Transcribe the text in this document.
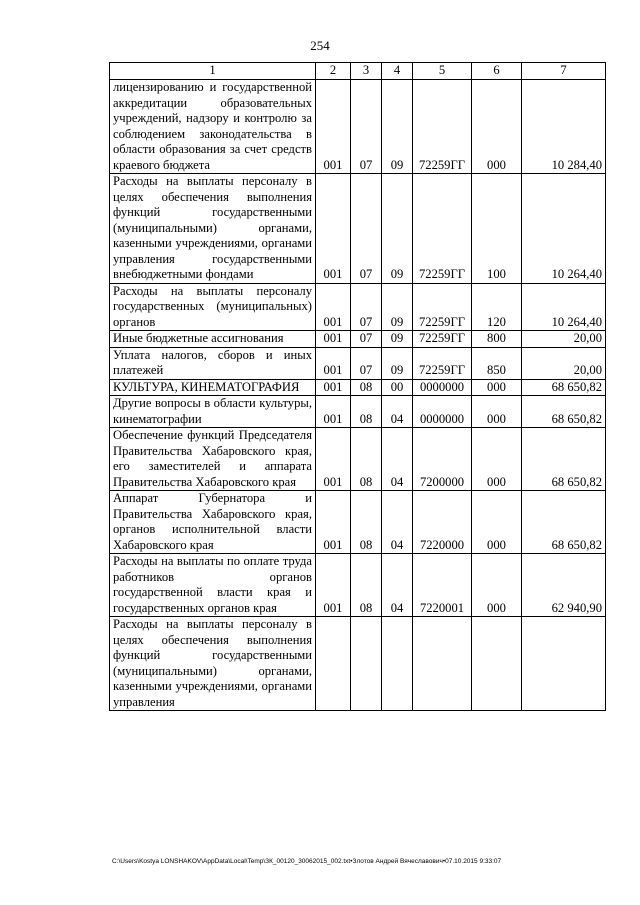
254
1	2	3	4	5	6	7
лицензированию и государственной аккредитации образовательных учреждений, надзору и контролю за соблюдением законодательства в области образования за счет средств краевого бюджета	001	07	09	72259ГГ	000	10 284,40
Расходы на выплаты персоналу в целях обеспечения выполнения функций государственными (муниципальными) органами, казенными учреждениями, органами управления государственными внебюджетными фондами	001	07	09	72259ГГ	100	10 264,40
Расходы на выплаты персоналу государственных (муниципальных) органов	001	07	09	72259ГГ	120	10 264,40
Иные бюджетные ассигнования	001	07	09	72259ГГ	800	20,00
Уплата налогов, сборов и иных платежей	001	07	09	72259ГГ	850	20,00
КУЛЬТУРА, КИНЕМАТОГРАФИЯ	001	08	00	0000000	000	68 650,82
Другие вопросы в области культуры, кинематографии	001	08	04	0000000	000	68 650,82
Обеспечение функций Председателя Правительства Хабаровского края, его заместителей и аппарата Правительства Хабаровского края	001	08	04	7200000	000	68 650,82
Аппарат Губернатора и Правительства Хабаровского края, органов исполнительной власти Хабаровского края	001	08	04	7220000	000	68 650,82
Расходы на выплаты по оплате труда работников органов государственной власти края и государственных органов края	001	08	04	7220001	000	62 940,90
Расходы на выплаты персоналу в целях обеспечения выполнения функций государственными (муниципальными) органами, казенными учреждениями, органами управления						
C:\Users\Kostya LONSHAKOV\AppData\Local\Temp\ЗК_00120_30062015_002.txt•Злотов Андрей Вячеславович•07.10.2015 9:33:07
